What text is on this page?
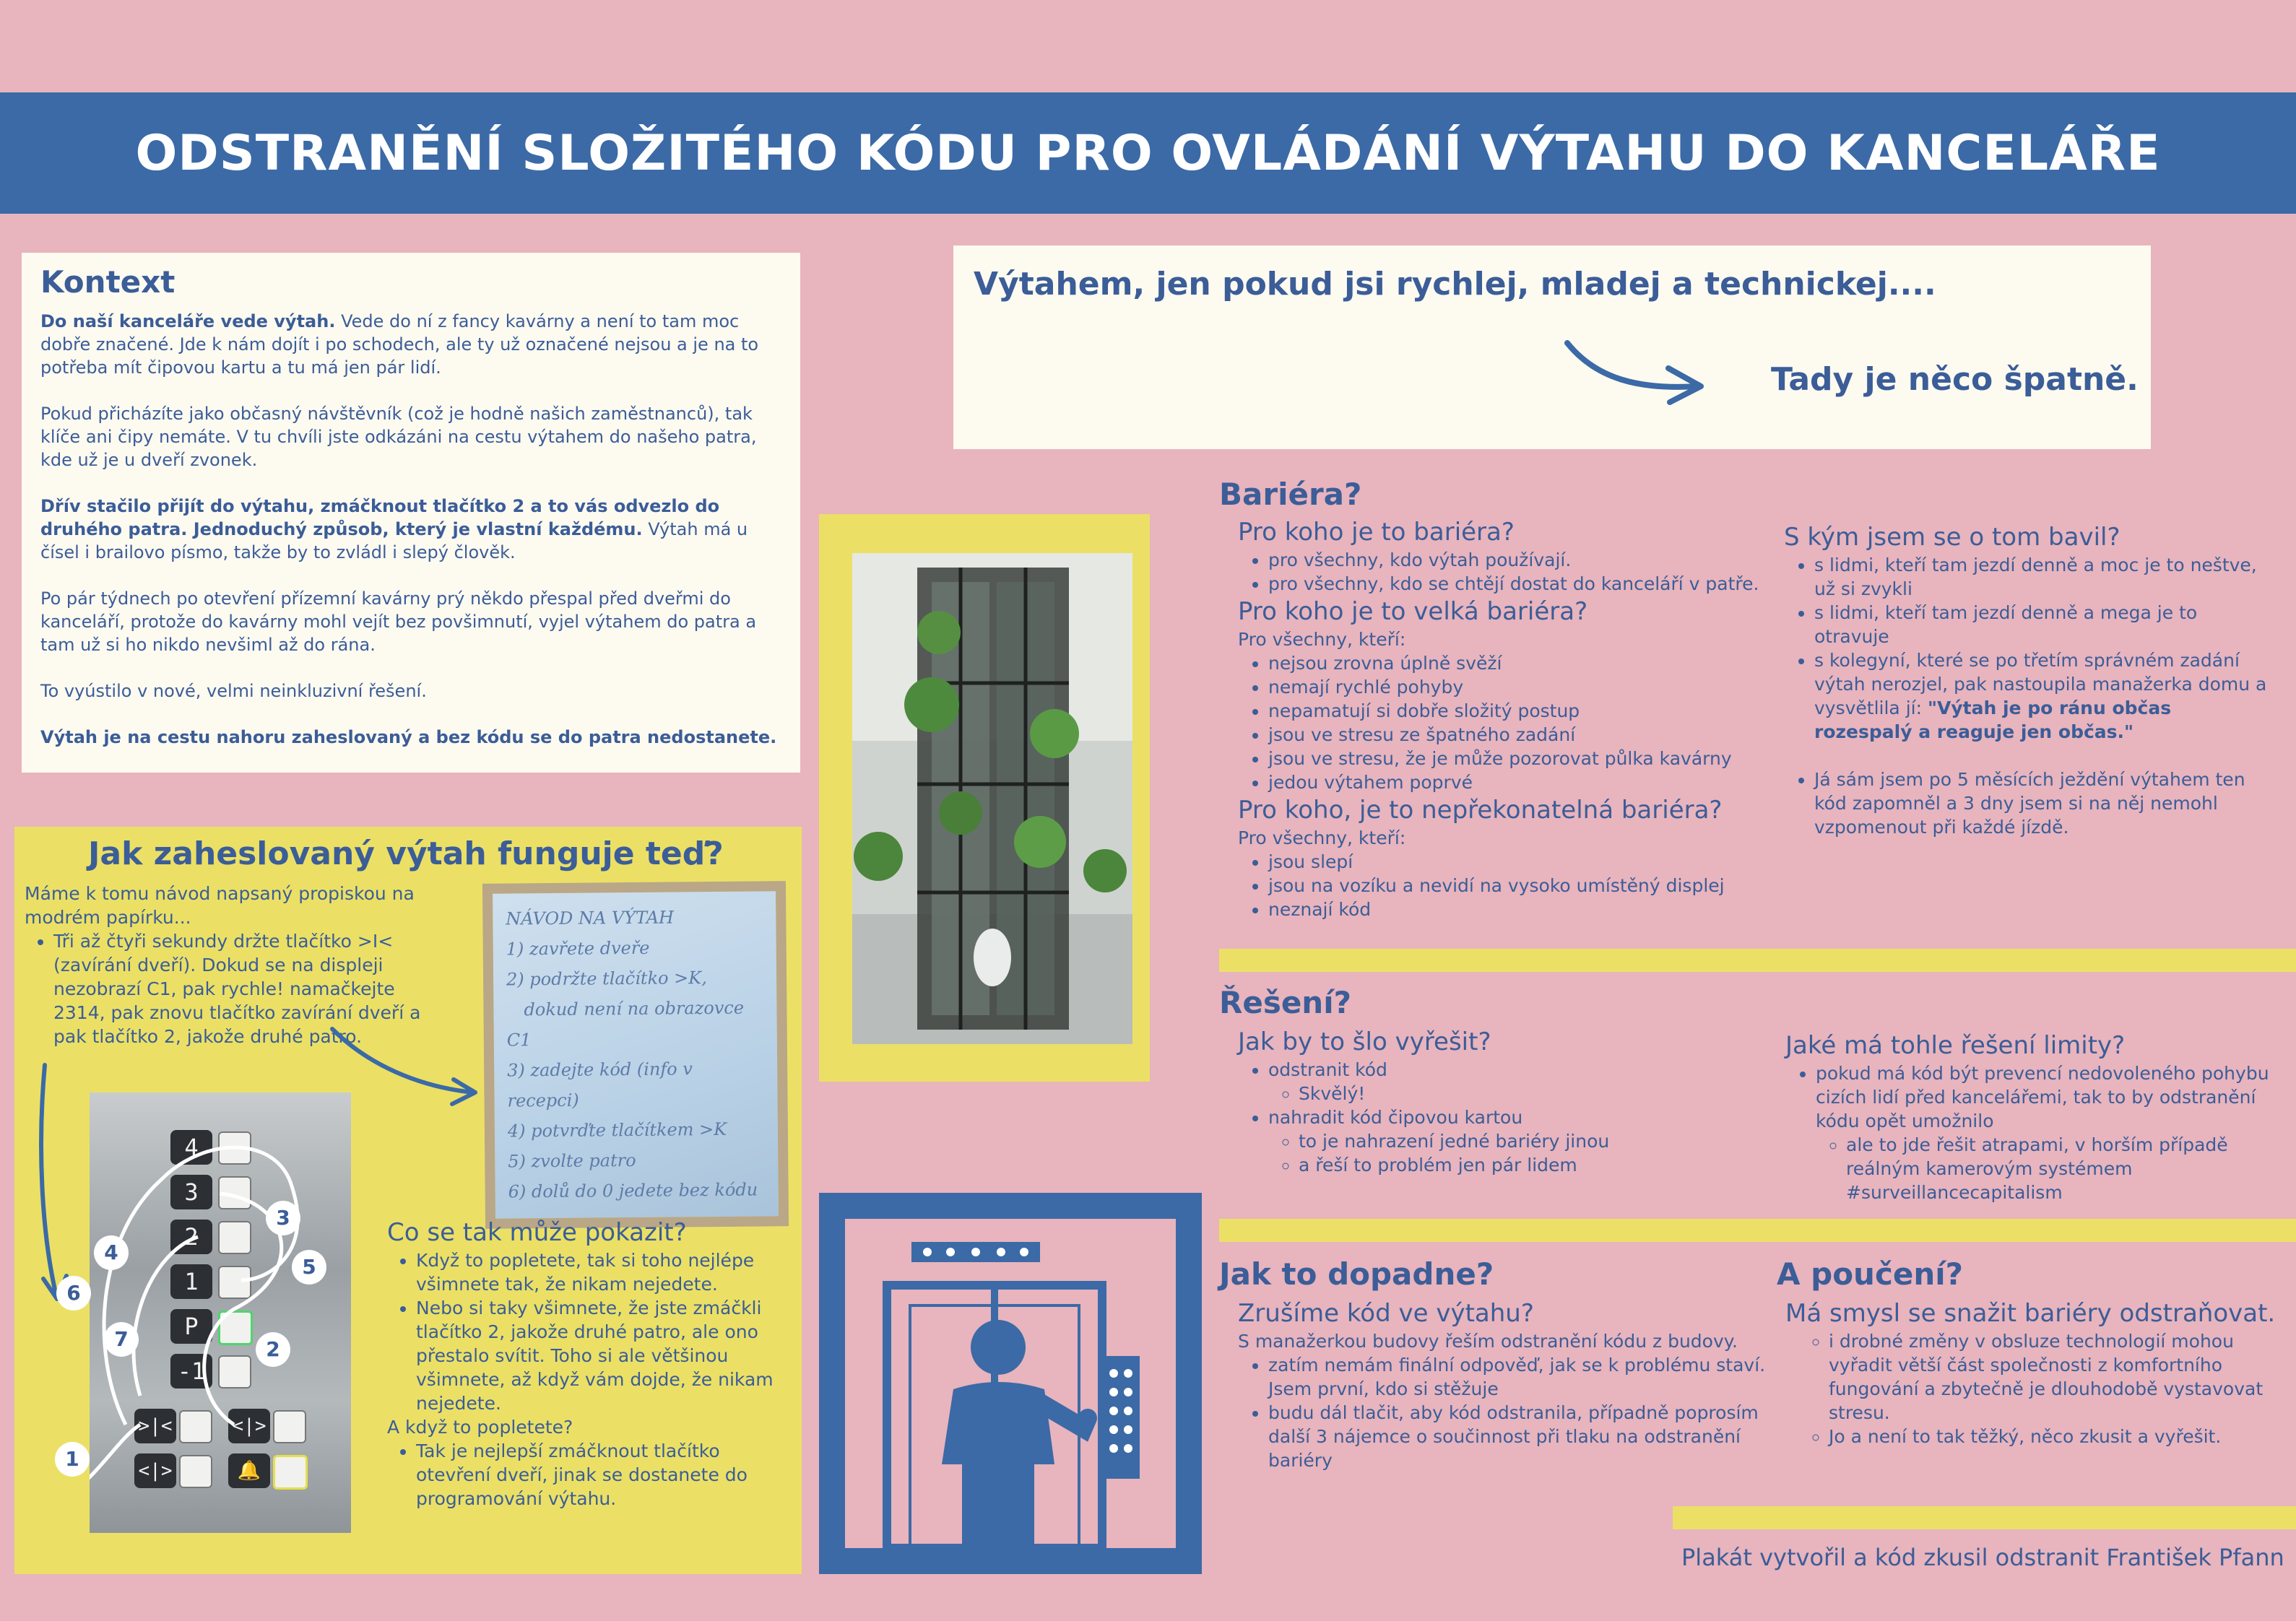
ODSTRANĚNÍ SLOŽITÉHO KÓDU PRO OVLÁDÁNÍ VÝTAHU DO KANCELÁŘE
Kontext

Do naší kanceláře vede výtah. Vede do ní z fancy kavárny a není to tam moc dobře značené. Jde k nám dojít i po schodech, ale ty už označené nejsou a je na to potřeba mít čipovou kartu a tu má jen pár lidí.

Pokud přicházíte jako občasný návštěvník (což je hodně našich zaměstnanců), tak klíče ani čipy nemáte. V tu chvíli jste odkázáni na cestu výtahem do našeho patra, kde už je u dveří zvonek.

Dřív stačilo přijít do výtahu, zmáčknout tlačítko 2 a to vás odvezlo do druhého patra. Jednoduchý způsob, který je vlastní každému. Výtah má u čísel i brailovo písmo, takže by to zvládl i slepý člověk.

Po pár týdnech po otevření přízemní kavárny prý někdo přespal před dveřmi do kanceláří, protože do kavárny mohl vejít bez povšimnutí, vyjel výtahem do patra a tam už si ho nikdo nevšiml až do rána.

To vyústilo v nové, velmi neinkluzivní řešení.

Výtah je na cestu nahoru zaheslovaný a bez kódu se do patra nedostanete.

Výtahem, jen pokud jsi rychlej, mladej a technickej....
Tady je něco špatně.
Jak zaheslovaný výtah funguje teď?

Máme k tomu návod napsaný propiskou na modrém papírku...

• Tři až čtyři sekundy držte tlačítko >I< (zavírání dveří). Dokud se na displeji nezobrazí C1, pak rychle! namačkejte 2314, pak znovu tlačítko zavírání dveří a pak tlačítko 2, jakože druhé patro.
NÁVOD NA VÝTAH
1) zavřete dveře
2) podržte tlačítko >K,
dokud není na obrazovce
C1
3) zadejte kód (info v recepci)
4) potvrďte tlačítkem >K
5) zvolte patro
6) dolů do 0 jedete bez kódu
4
3
2
1
P
-1
>|<	<|>
<|>	🔔
1
2
3
4
5
6
7
Co se tak může pokazit?
• Když to popletete, tak si toho nejlépe všimnete tak, že nikam nejedete.
• Nebo si taky všimnete, že jste zmáčkli tlačítko 2, jakože druhé patro, ale ono přestalo svítit. Toho si ale většinou všimnete, až když vám dojde, že nikam nejedete.

A když to popletete?

• Tak je nejlepší zmáčknout tlačítko otevření dveří, jinak se dostanete do programování výtahu.
Bariéra?
Pro koho je to bariéra?
• pro všechny, kdo výtah používají.
• pro všechny, kdo se chtějí dostat do kanceláří v patře.
Pro koho je to velká bariéra?

Pro všechny, kteří:

• nejsou zrovna úplně svěží
• nemají rychlé pohyby
• nepamatují si dobře složitý postup
• jsou ve stresu ze špatného zadání
• jsou ve stresu, že je může pozorovat půlka kavárny
• jedou výtahem poprvé
Pro koho, je to nepřekonatelná bariéra?

Pro všechny, kteří:

• jsou slepí
• jsou na vozíku a nevidí na vysoko umístěný displej
• neznají kód
S kým jsem se o tom bavil?
• s lidmi, kteří tam jezdí denně a moc je to neštve, už si zvykli
• s lidmi, kteří tam jezdí denně a mega je to otravuje
• s kolegyní, které se po třetím správném zadání výtah nerozjel, pak nastoupila manažerka domu a vysvětlila jí: "Výtah je po ránu občas rozespalý a reaguje jen občas."
• Já sám jsem po 5 měsících ježdění výtahem ten kód zapomněl a 3 dny jsem si na něj nemohl vzpomenout při každé jízdě.
Řešení?
Jak by to šlo vyřešit?
• odstranit kód
◦ Skvělý!
• nahradit kód čipovou kartou
◦ to je nahrazení jedné bariéry jinou
◦ a řeší to problém jen pár lidem
Jaké má tohle řešení limity?
• pokud má kód být prevencí nedovoleného pohybu cizích lidí před kancelářemi, tak to by odstranění kódu opět umožnilo
◦ ale to jde řešit atrapami, v horším případě reálným kamerovým systémem #surveillancecapitalism
Jak to dopadne?
Zrušíme kód ve výtahu?

S manažerkou budovy řeším odstranění kódu z budovy.

• zatím nemám finální odpověď, jak se k problému staví. Jsem první, kdo si stěžuje
• budu dál tlačit, aby kód odstranila, případně poprosím další 3 nájemce o součinnost při tlaku na odstranění bariéry
A poučení?
Má smysl se snažit bariéry odstraňovat.
◦ i drobné změny v obsluze technologií mohou vyřadit větší část společnosti z komfortního fungování a zbytečně je dlouhodobě vystavovat stresu.
◦ Jo a není to tak těžký, něco zkusit a vyřešit.
Plakát vytvořil a kód zkusil odstranit František Pfann
